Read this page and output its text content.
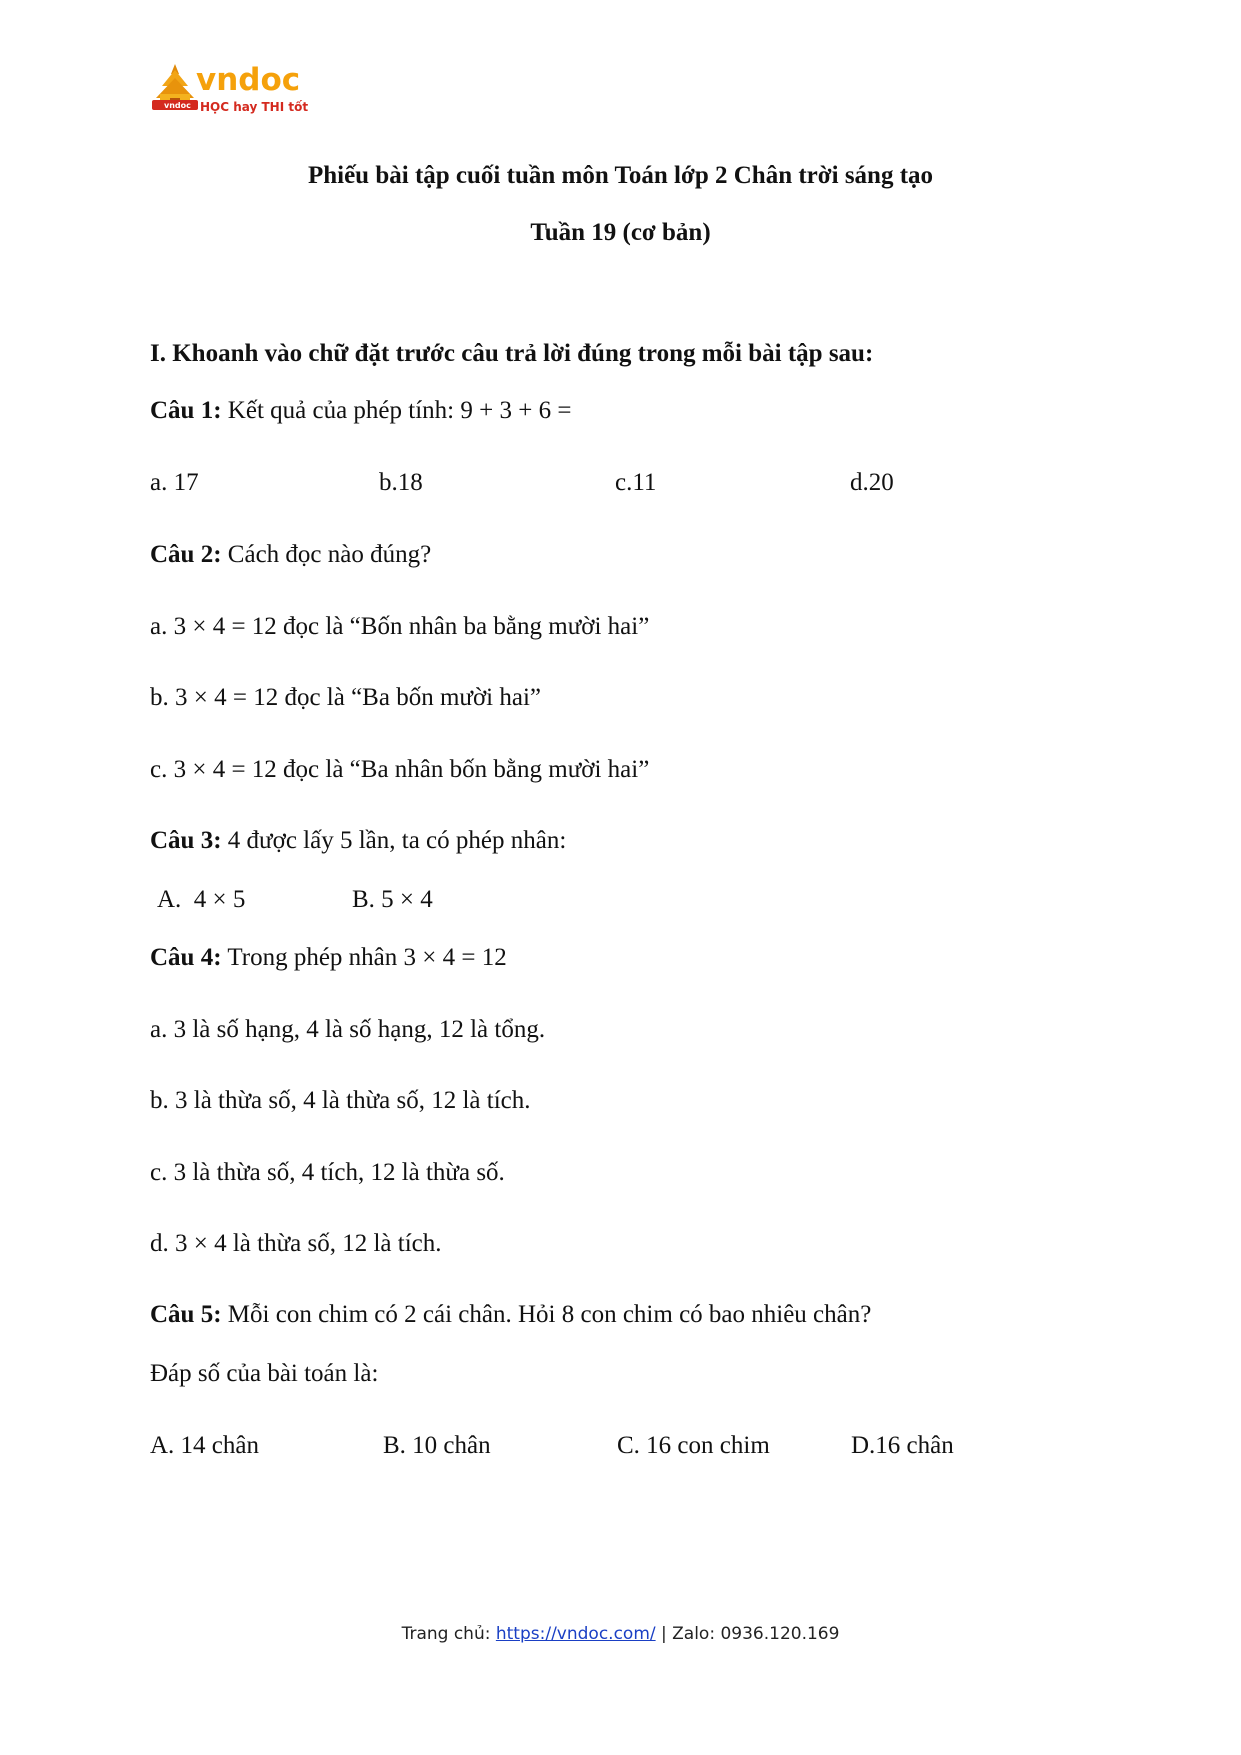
vndoc
vndoc
HỌC hay THI tốt
Phiếu bài tập cuối tuần môn Toán lớp 2 Chân trời sáng tạo
Tuần 19 (cơ bản)
I. Khoanh vào chữ đặt trước câu trả lời đúng trong mỗi bài tập sau:
Câu 1: Kết quả của phép tính: 9 + 3 + 6 =
a. 17	b.18	c.11	d.20
Câu 2: Cách đọc nào đúng?
a. 3 × 4 = 12 đọc là “Bốn nhân ba bằng mười hai”
b. 3 × 4 = 12 đọc là “Ba bốn mười hai”
c. 3 × 4 = 12 đọc là “Ba nhân bốn bằng mười hai”
Câu 3: 4 được lấy 5 lần, ta có phép nhân:
A.  4 × 5	B. 5 × 4
Câu 4: Trong phép nhân 3 × 4 = 12
a. 3 là số hạng, 4 là số hạng, 12 là tổng.
b. 3 là thừa số, 4 là thừa số, 12 là tích.
c. 3 là thừa số, 4 tích, 12 là thừa số.
d. 3 × 4 là thừa số, 12 là tích.
Câu 5: Mỗi con chim có 2 cái chân. Hỏi 8 con chim có bao nhiêu chân?
Đáp số của bài toán là:
A. 14 chân	B. 10 chân	C. 16 con chim	D.16 chân
Trang chủ: https://vndoc.com/ | Zalo: 0936.120.169
